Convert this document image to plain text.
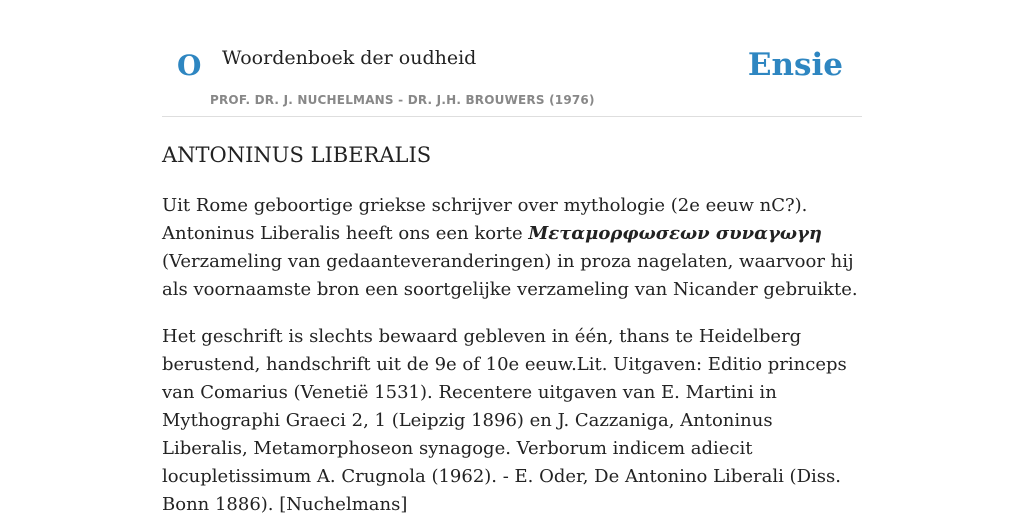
O Woordenboek der oudheid
PROF. DR. J. NUCHELMANS - DR. J.H. BROUWERS (1976)
Ensie
ANTONINUS LIBERALIS

Uit Rome geboortige griekse schrijver over mythologie (2e eeuw nC?). Antoninus Liberalis heeft ons een korte Μεταμορφωσεων συναγωγη (Verzameling van gedaanteveranderingen) in proza nagelaten, waarvoor hij als voornaamste bron een soortgelijke verzameling van Nicander gebruikte.

Het geschrift is slechts bewaard gebleven in één, thans te Heidelberg berustend, handschrift uit de 9e of 10e eeuw.Lit. Uitgaven: Editio princeps van Comarius (Venetië 1531). Recentere uitgaven van E. Martini in Mythographi Graeci 2, 1 (Leipzig 1896) en J. Cazzaniga, Antoninus Liberalis, Metamorphoseon synagoge. Verborum indicem adiecit locupletissimum A. Crugnola (1962). - E. Oder, De Antonino Liberali (Diss. Bonn 1886). [Nuchelmans]
